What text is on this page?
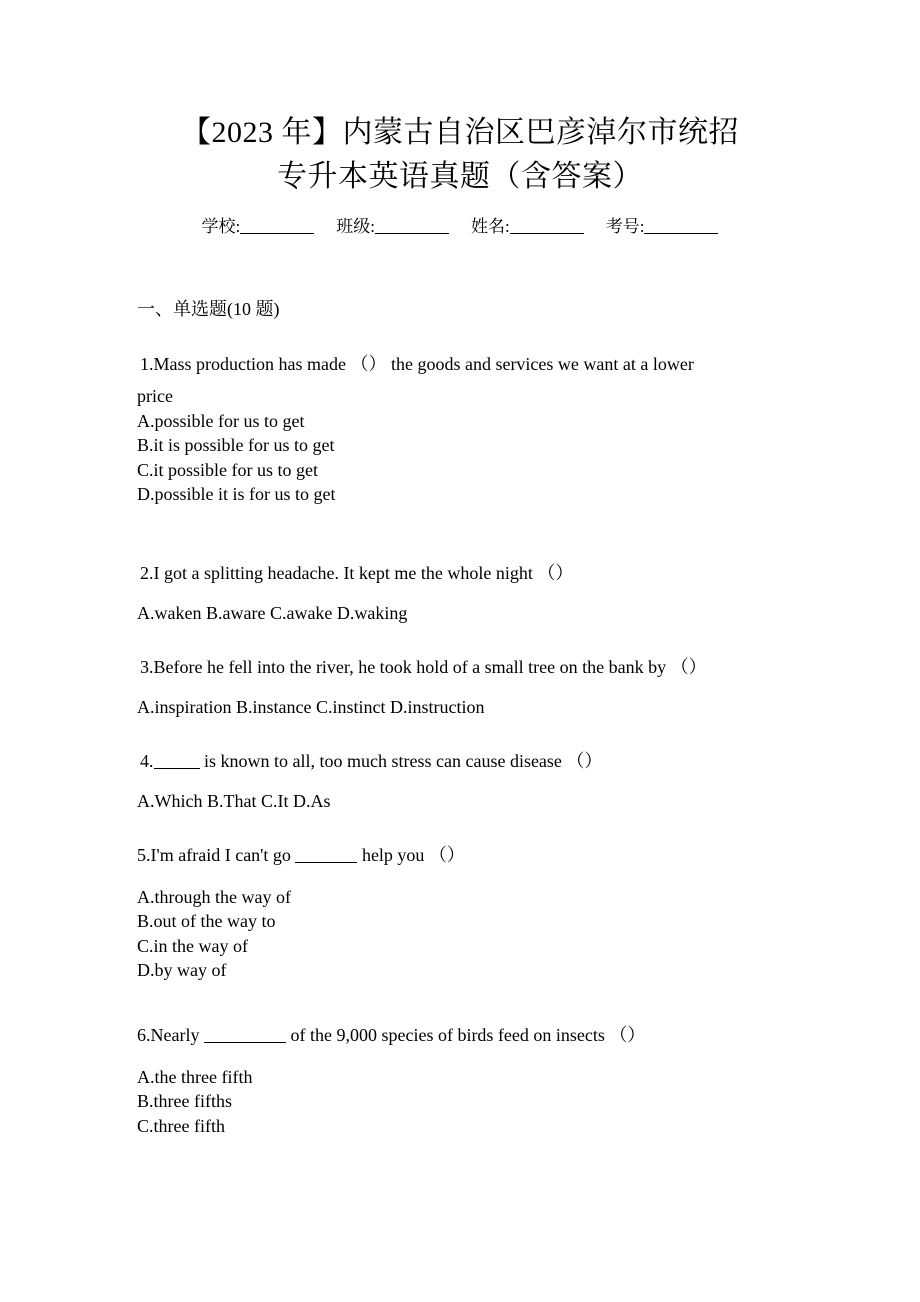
【2023 年】内蒙古自治区巴彦淖尔市统招
专升本英语真题（含答案）
学校:	班级:	姓名:	考号:
一、单选题(10 题)

1.Mass production has made （） the goods and services we want at a lower

price
A.possible for us to get
B.it is possible for us to get
C.it possible for us to get
D.possible it is for us to get

2.I got a splitting headache. It kept me the whole night （）

A.waken B.aware C.awake D.waking

3.Before he fell into the river, he took hold of a small tree on the bank by （）

A.inspiration B.instance C.instinct D.instruction

4.	is known to all, too much stress can cause disease （）

A.Which B.That C.It D.As

5.I'm afraid I can't go	help you （）

A.through the way of
B.out of the way to
C.in the way of
D.by way of

6.Nearly	of the 9,000 species of birds feed on insects （）

A.the three fifth
B.three fifths
C.three fifth
